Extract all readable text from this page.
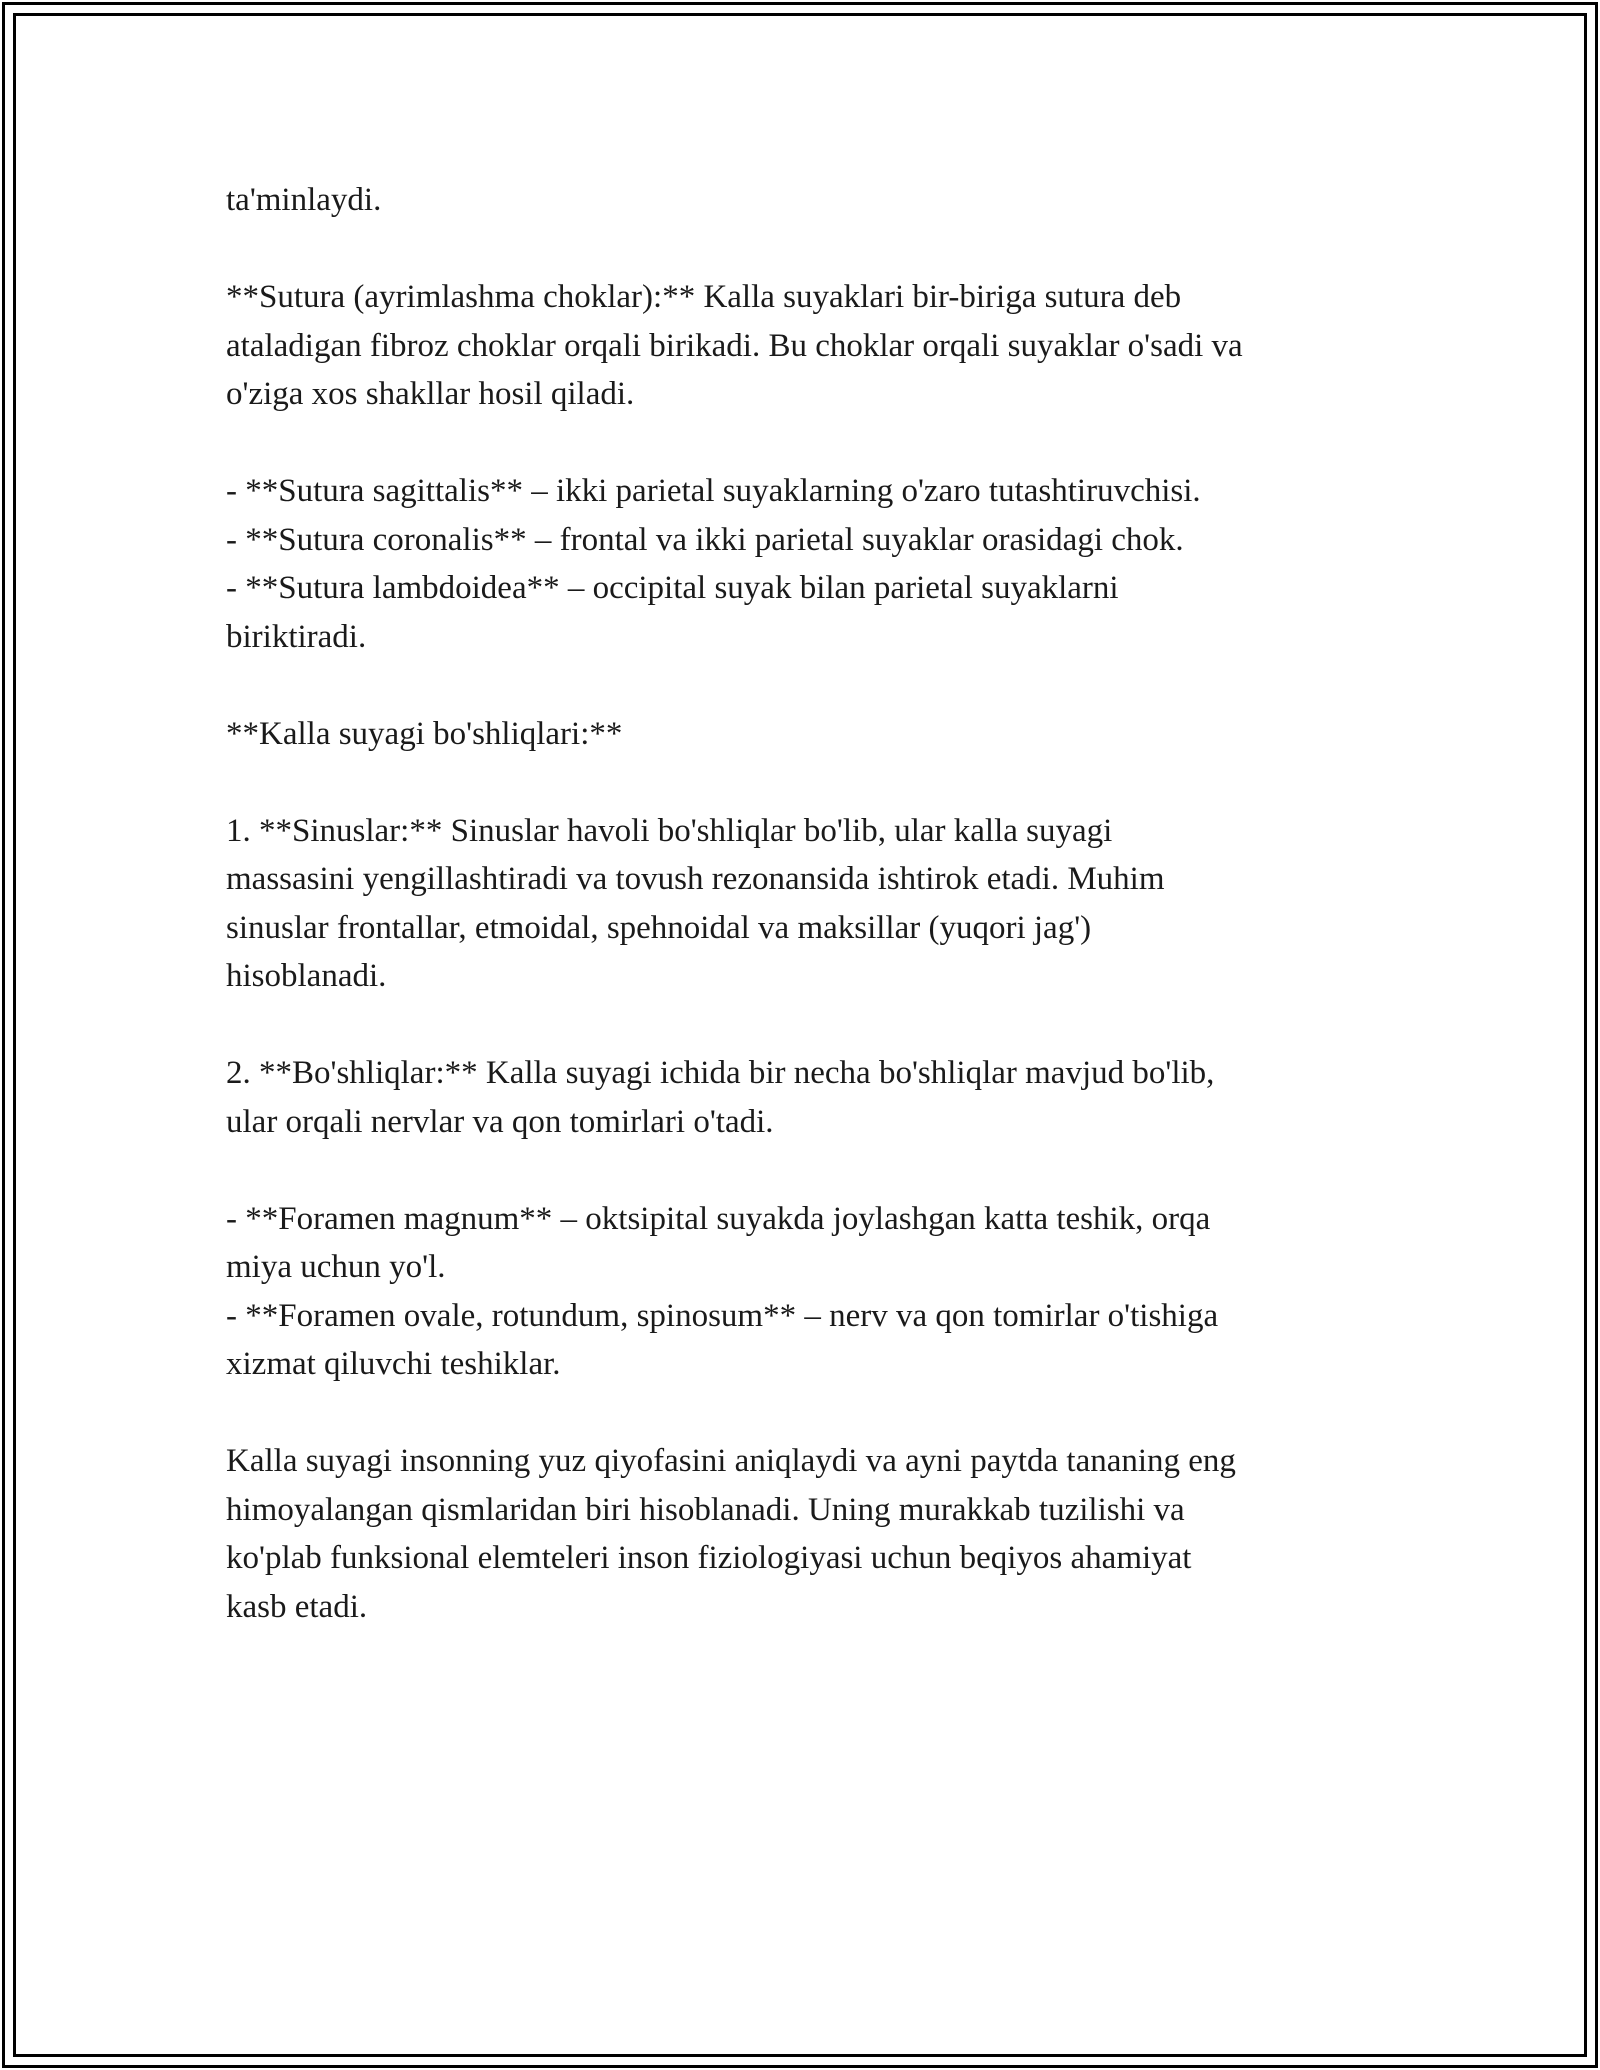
ta'minlaydi.

**Sutura (ayrimlashma choklar):** Kalla suyaklari bir-biriga sutura deb
ataladigan fibroz choklar orqali birikadi. Bu choklar orqali suyaklar o'sadi va
o'ziga xos shakllar hosil qiladi.

- **Sutura sagittalis** – ikki parietal suyaklarning o'zaro tutashtiruvchisi.
- **Sutura coronalis** – frontal va ikki parietal suyaklar orasidagi chok.
- **Sutura lambdoidea** – occipital suyak bilan parietal suyaklarni
biriktiradi.

**Kalla suyagi bo'shliqlari:**

1. **Sinuslar:** Sinuslar havoli bo'shliqlar bo'lib, ular kalla suyagi
massasini yengillashtiradi va tovush rezonansida ishtirok etadi. Muhim
sinuslar frontallar, etmoidal, spehnoidal va maksillar (yuqori jag')
hisoblanadi.

2. **Bo'shliqlar:** Kalla suyagi ichida bir necha bo'shliqlar mavjud bo'lib,
ular orqali nervlar va qon tomirlari o'tadi.

- **Foramen magnum** – oktsipital suyakda joylashgan katta teshik, orqa
miya uchun yo'l.
- **Foramen ovale, rotundum, spinosum** – nerv va qon tomirlar o'tishiga
xizmat qiluvchi teshiklar.

Kalla suyagi insonning yuz qiyofasini aniqlaydi va ayni paytda tananing eng
himoyalangan qismlaridan biri hisoblanadi. Uning murakkab tuzilishi va
ko'plab funksional elemteleri inson fiziologiyasi uchun beqiyos ahamiyat
kasb etadi.
